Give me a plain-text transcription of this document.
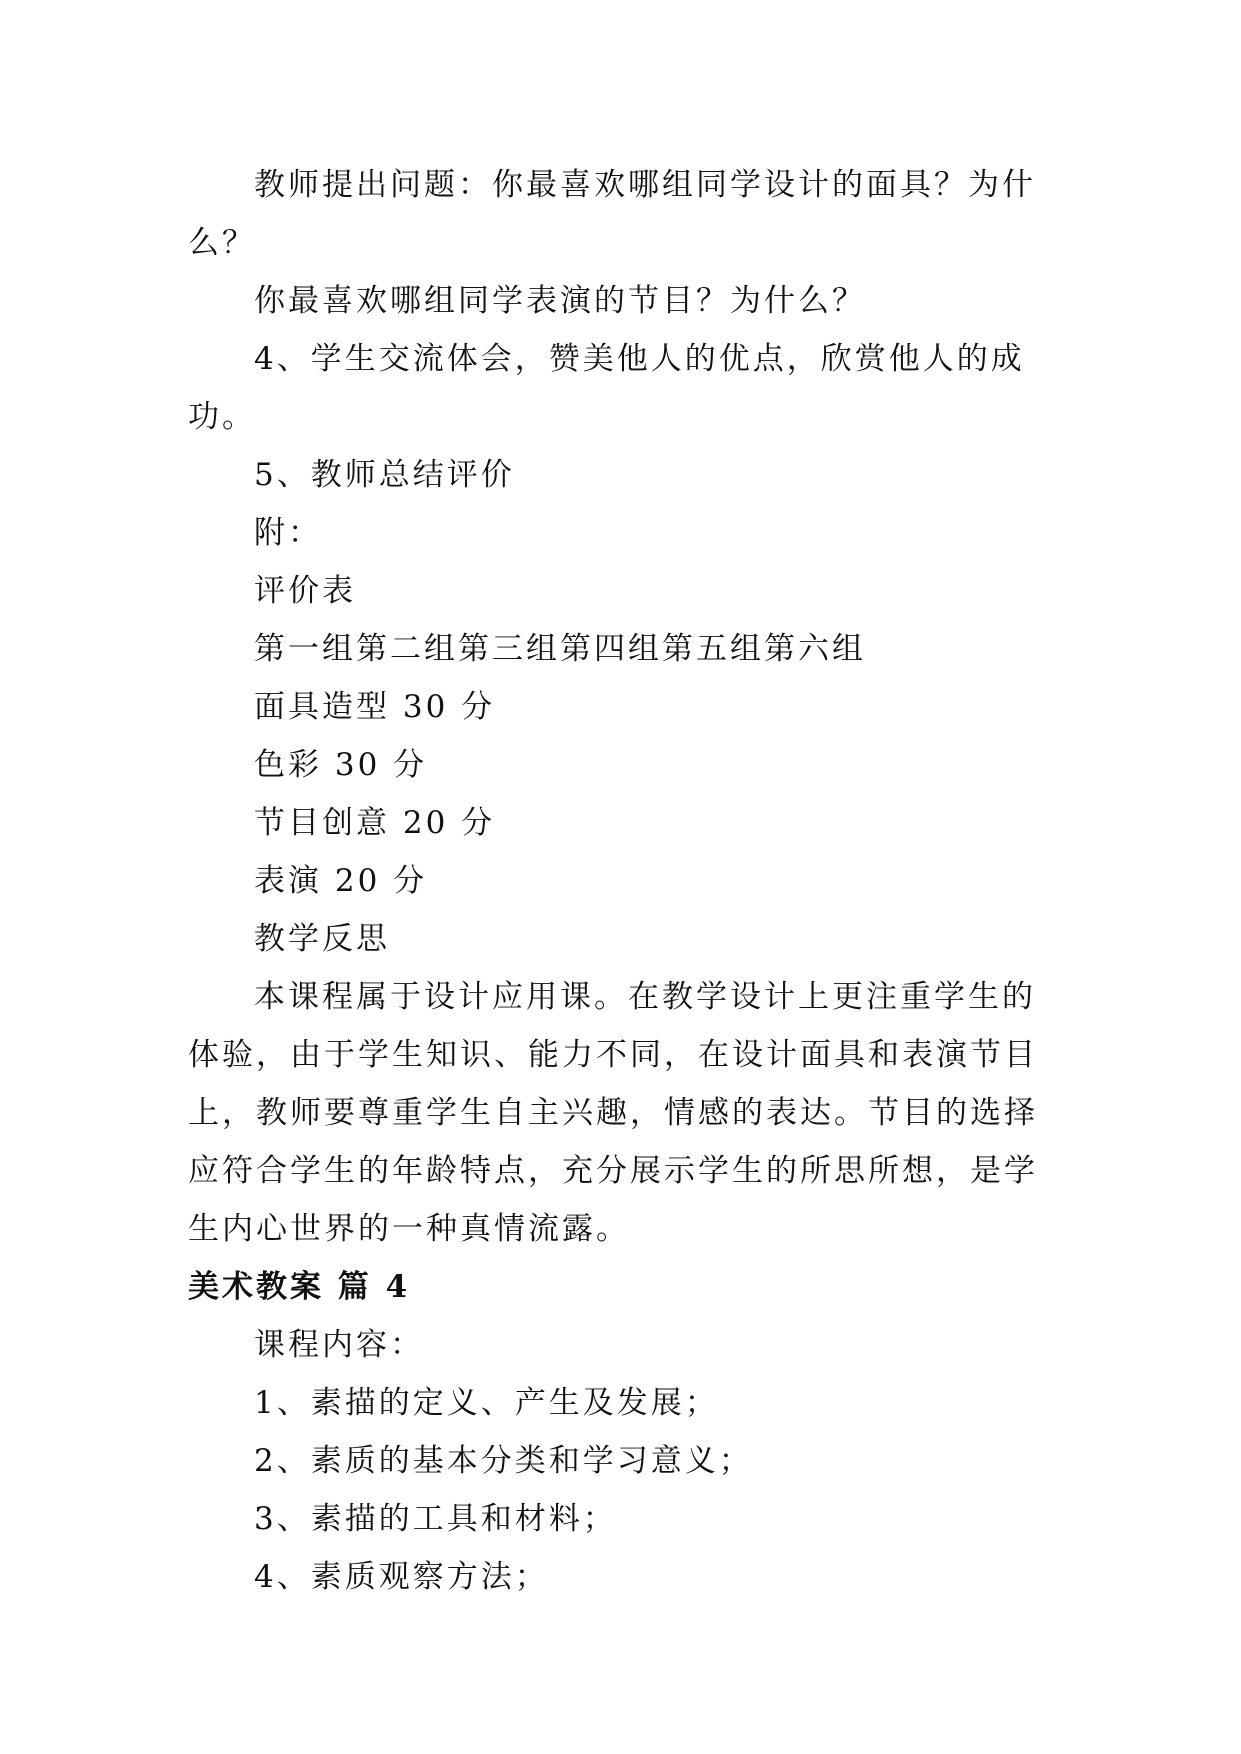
教师提出问题：你最喜欢哪组同学设计的面具？为什么？

你最喜欢哪组同学表演的节目？为什么？

4、学生交流体会，赞美他人的优点，欣赏他人的成功。

5、教师总结评价

附：

评价表

第一组第二组第三组第四组第五组第六组

面具造型 30 分

色彩 30 分

节目创意 20 分

表演 20 分

教学反思

本课程属于设计应用课。在教学设计上更注重学生的体验，由于学生知识、能力不同，在设计面具和表演节目上，教师要尊重学生自主兴趣，情感的表达。节目的选择应符合学生的年龄特点，充分展示学生的所思所想，是学生内心世界的一种真情流露。

美术教案 篇 4

课程内容：

1、素描的定义、产生及发展；

2、素质的基本分类和学习意义；

3、素描的工具和材料；

4、素质观察方法；
